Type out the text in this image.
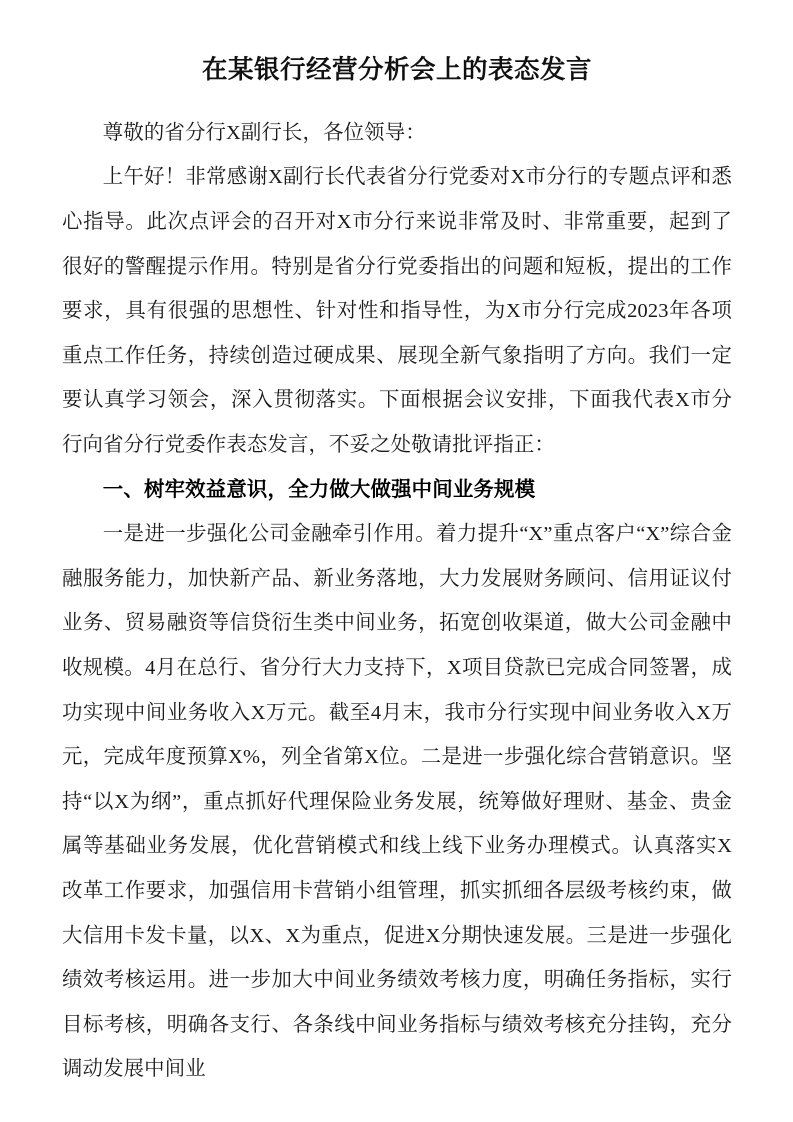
在某银行经营分析会上的表态发言

尊敬的省分行X副行长，各位领导：

上午好！非常感谢X副行长代表省分行党委对X市分行的专题点评和悉心指导。此次点评会的召开对X市分行来说非常及时、非常重要，起到了很好的警醒提示作用。特别是省分行党委指出的问题和短板，提出的工作要求，具有很强的思想性、针对性和指导性，为X市分行完成2023年各项重点工作任务，持续创造过硬成果、展现全新气象指明了方向。我们一定要认真学习领会，深入贯彻落实。下面根据会议安排，下面我代表X市分行向省分行党委作表态发言，不妥之处敬请批评指正：

一、树牢效益意识，全力做大做强中间业务规模

一是进一步强化公司金融牵引作用。着力提升“X”重点客户“X”综合金融服务能力，加快新产品、新业务落地，大力发展财务顾问、信用证议付业务、贸易融资等信贷衍生类中间业务，拓宽创收渠道，做大公司金融中收规模。4月在总行、省分行大力支持下，X项目贷款已完成合同签署，成功实现中间业务收入X万元。截至4月末，我市分行实现中间业务收入X万元，完成年度预算X%，列全省第X位。二是进一步强化综合营销意识。坚持“以X为纲”，重点抓好代理保险业务发展，统筹做好理财、基金、贵金属等基础业务发展，优化营销模式和线上线下业务办理模式。认真落实X改革工作要求，加强信用卡营销小组管理，抓实抓细各层级考核约束，做大信用卡发卡量，以X、X为重点，促进X分期快速发展。三是进一步强化绩效考核运用。进一步加大中间业务绩效考核力度，明确任务指标，实行目标考核，明确各支行、各条线中间业务指标与绩效考核充分挂钩，充分调动发展中间业
